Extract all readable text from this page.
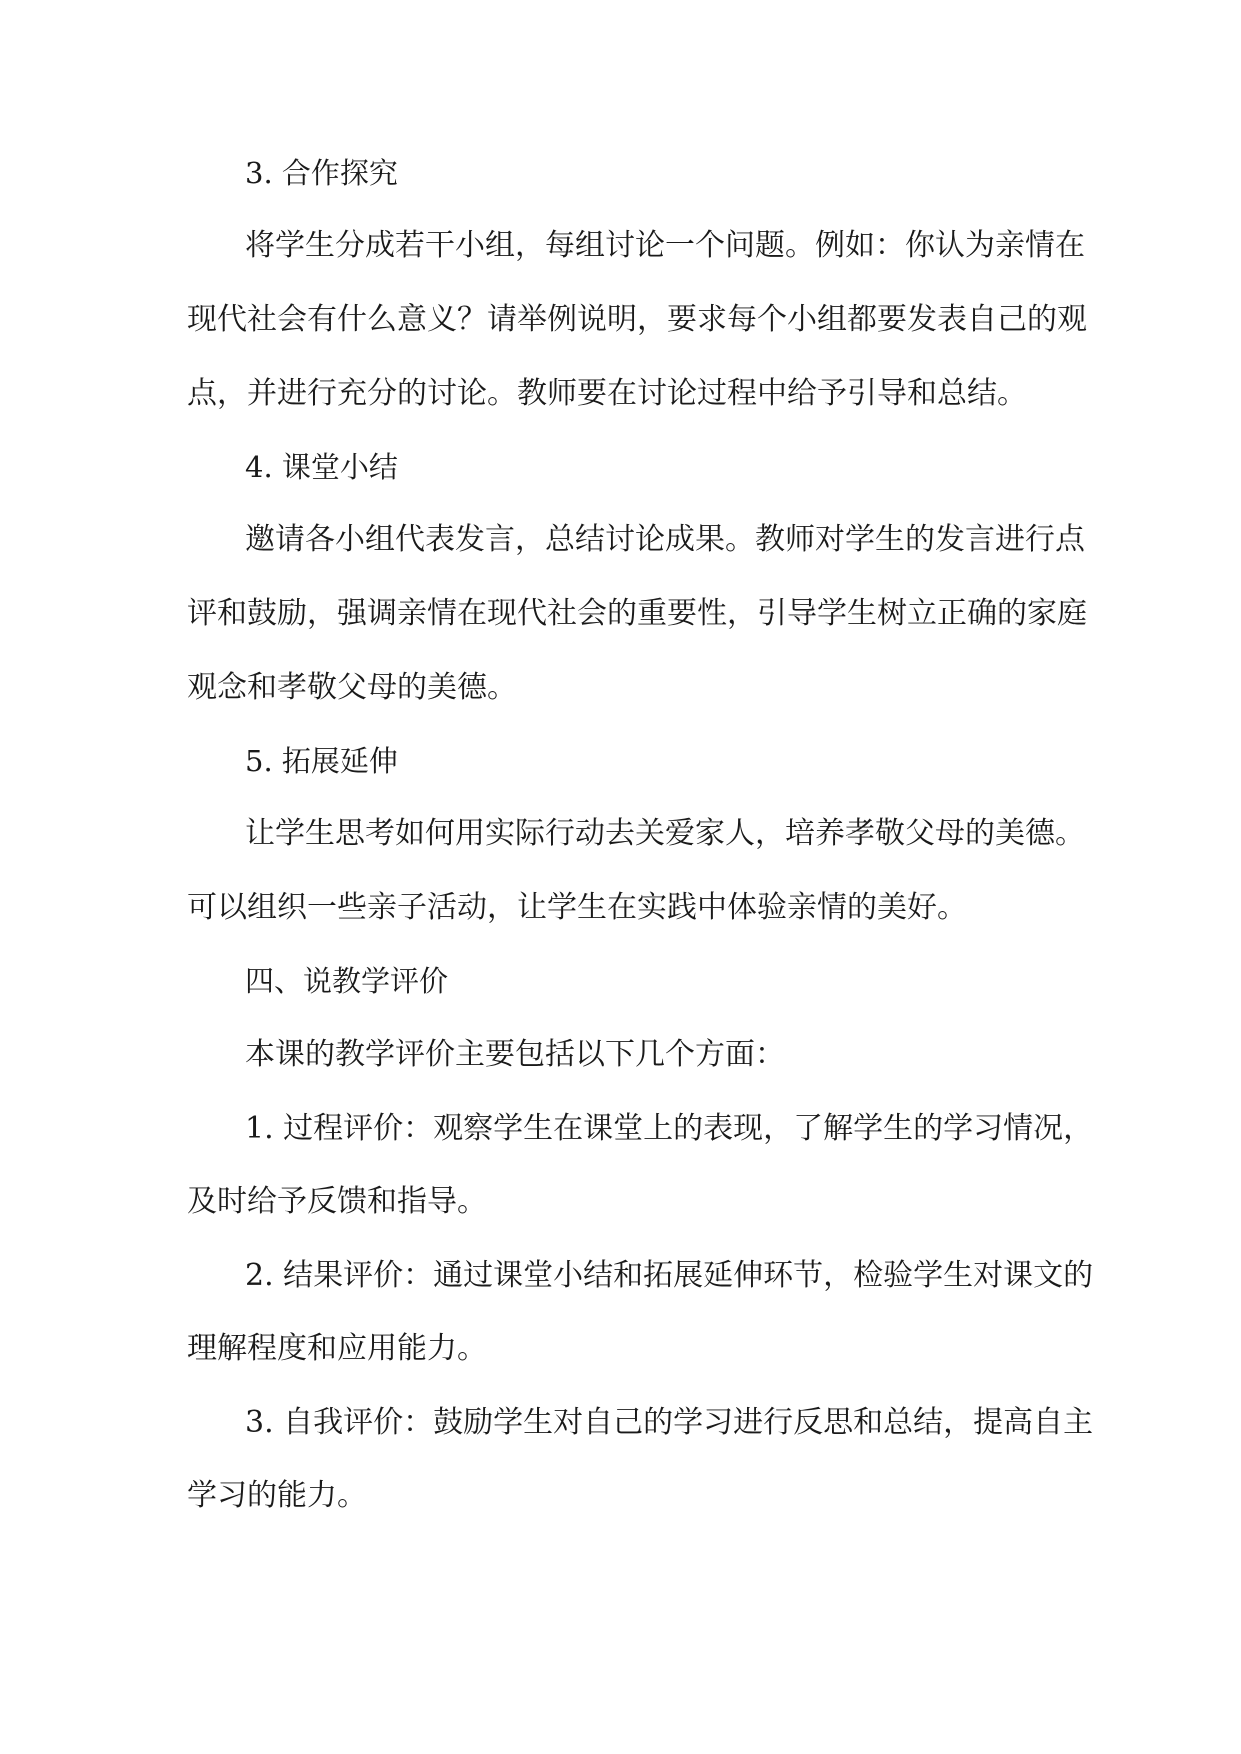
3. 合作探究
将学生分成若干小组，每组讨论一个问题。例如：你认为亲情在
现代社会有什么意义？请举例说明，要求每个小组都要发表自己的观
点，并进行充分的讨论。教师要在讨论过程中给予引导和总结。
4. 课堂小结
邀请各小组代表发言，总结讨论成果。教师对学生的发言进行点
评和鼓励，强调亲情在现代社会的重要性，引导学生树立正确的家庭
观念和孝敬父母的美德。
5. 拓展延伸
让学生思考如何用实际行动去关爱家人，培养孝敬父母的美德。
可以组织一些亲子活动，让学生在实践中体验亲情的美好。
四、说教学评价
本课的教学评价主要包括以下几个方面：
1. 过程评价：观察学生在课堂上的表现，了解学生的学习情况，
及时给予反馈和指导。
2. 结果评价：通过课堂小结和拓展延伸环节，检验学生对课文的
理解程度和应用能力。
3. 自我评价：鼓励学生对自己的学习进行反思和总结，提高自主
学习的能力。
